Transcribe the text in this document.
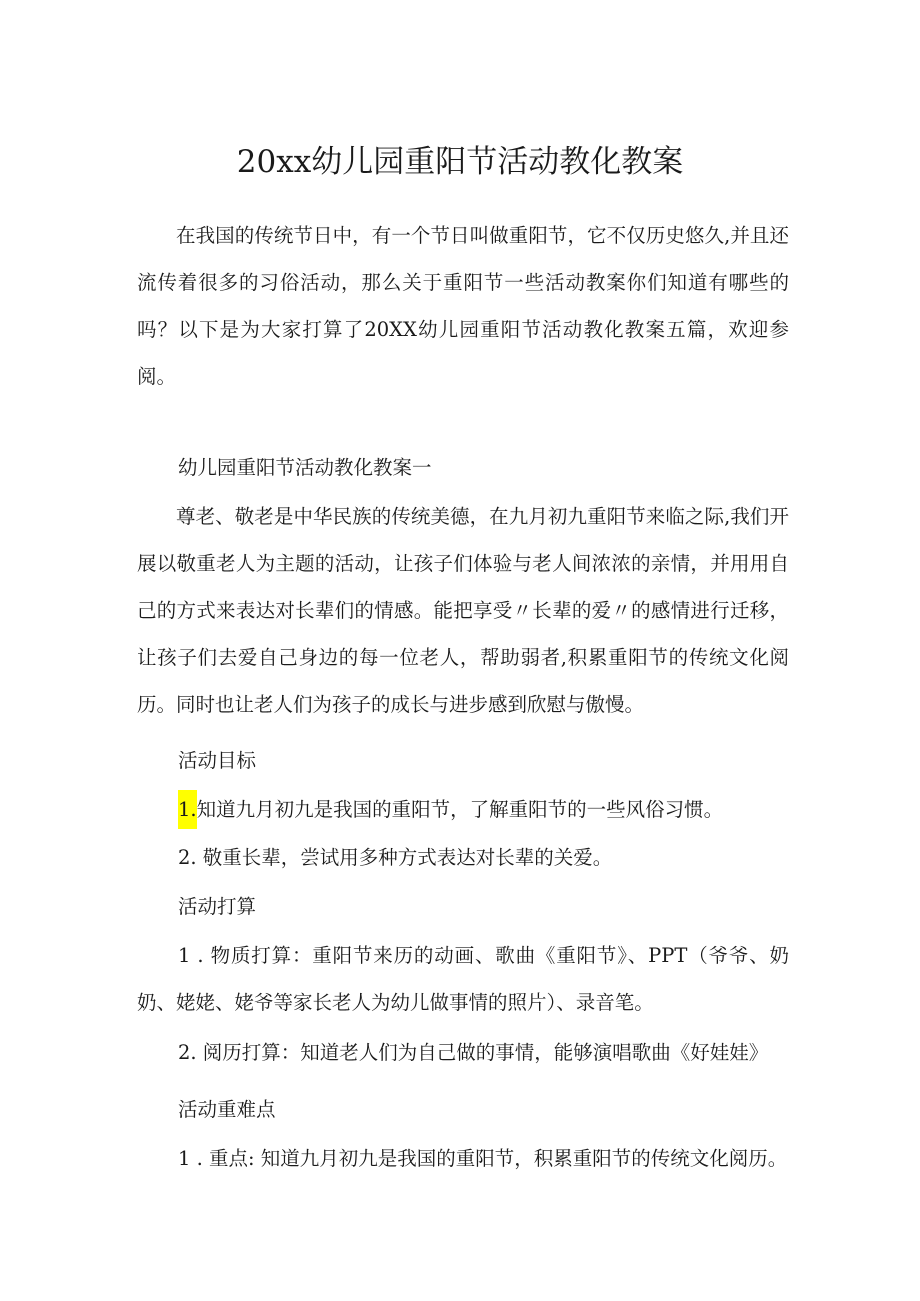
20xx幼儿园重阳节活动教化教案

在我国的传统节日中，有一个节日叫做重阳节，它不仅历史悠久,并且还流传着很多的习俗活动，那么关于重阳节一些活动教案你们知道有哪些的吗？以下是为大家打算了20XX幼儿园重阳节活动教化教案五篇，欢迎参阅。

幼儿园重阳节活动教化教案一

尊老、敬老是中华民族的传统美德，在九月初九重阳节来临之际,我们开展以敬重老人为主题的活动，让孩子们体验与老人间浓浓的亲情，并用用自己的方式来表达对长辈们的情感。能把享受〃长辈的爱〃的感情进行迁移，让孩子们去爱自己身边的每一位老人，帮助弱者,积累重阳节的传统文化阅历。同时也让老人们为孩子的成长与进步感到欣慰与傲慢。

活动目标

1.知道九月初九是我国的重阳节，了解重阳节的一些风俗习惯。

2. 敬重长辈，尝试用多种方式表达对长辈的关爱。

活动打算

1 . 物质打算：重阳节来历的动画、歌曲《重阳节》、PPT（爷爷、奶奶、姥姥、姥爷等家长老人为幼儿做事情的照片）、录音笔。

2. 阅历打算：知道老人们为自己做的事情，能够演唱歌曲《好娃娃》

活动重难点

1 . 重点: 知道九月初九是我国的重阳节，积累重阳节的传统文化阅历。
